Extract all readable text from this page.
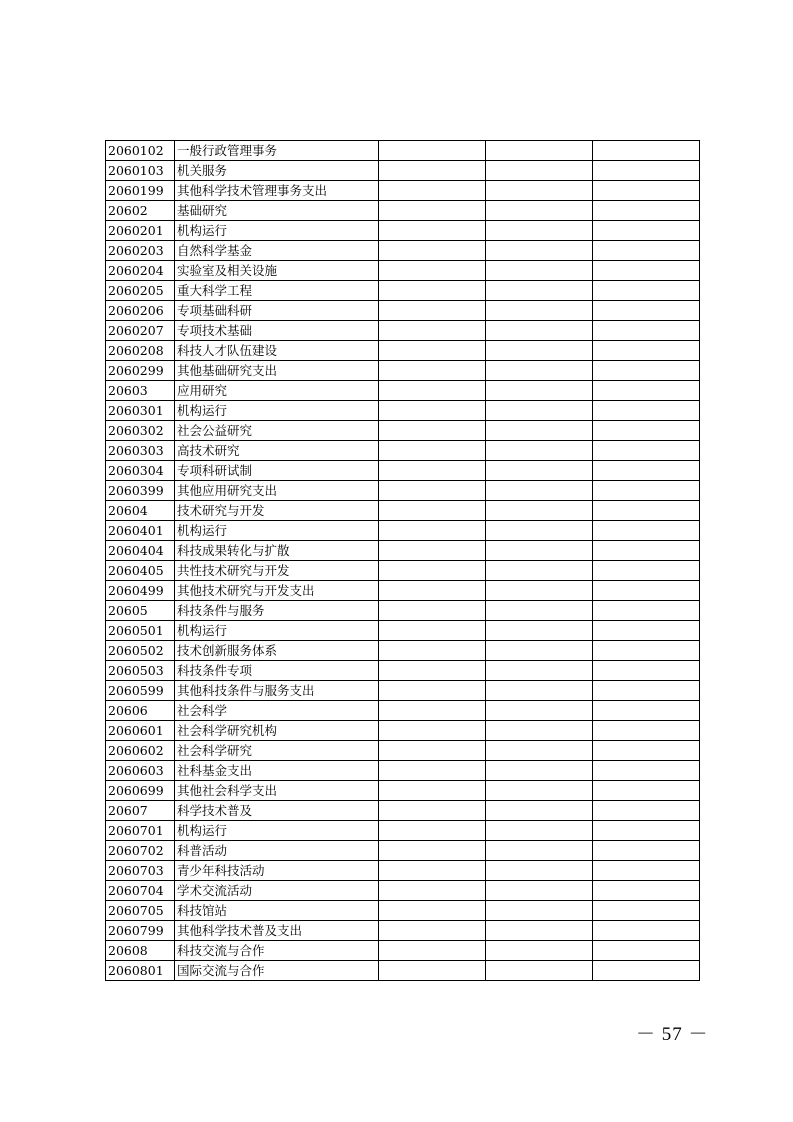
2060102	一般行政管理事务			
2060103	机关服务			
2060199	其他科学技术管理事务支出			
20602	基础研究			
2060201	机构运行			
2060203	自然科学基金			
2060204	实验室及相关设施			
2060205	重大科学工程			
2060206	专项基础科研			
2060207	专项技术基础			
2060208	科技人才队伍建设			
2060299	其他基础研究支出			
20603	应用研究			
2060301	机构运行			
2060302	社会公益研究			
2060303	高技术研究			
2060304	专项科研试制			
2060399	其他应用研究支出			
20604	技术研究与开发			
2060401	机构运行			
2060404	科技成果转化与扩散			
2060405	共性技术研究与开发			
2060499	其他技术研究与开发支出			
20605	科技条件与服务			
2060501	机构运行			
2060502	技术创新服务体系			
2060503	科技条件专项			
2060599	其他科技条件与服务支出			
20606	社会科学			
2060601	社会科学研究机构			
2060602	社会科学研究			
2060603	社科基金支出			
2060699	其他社会科学支出			
20607	科学技术普及			
2060701	机构运行			
2060702	科普活动			
2060703	青少年科技活动			
2060704	学术交流活动			
2060705	科技馆站			
2060799	其他科学技术普及支出			
20608	科技交流与合作			
2060801	国际交流与合作			
－ 57 －
